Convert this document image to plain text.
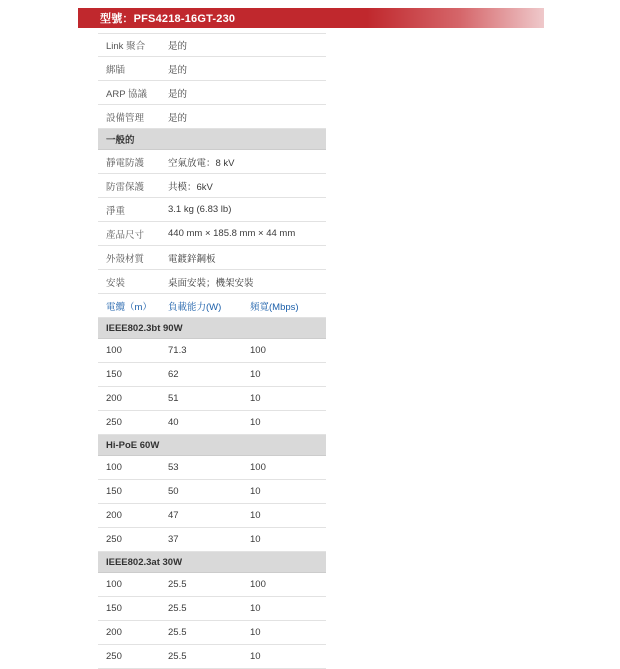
型號：PFS4218-16GT-230
Link 聚合	是的
綁牐	是的
ARP 協議	是的
設備管理	是的
一般的
靜電防護	空氣放電：8 kV
防雷保護	共模：6kV
淨重	3.1 kg (6.83 lb)
產品尺寸	440 mm × 185.8 mm × 44 mm
外殼材質	電鍍鋅鋼板
安裝	桌面安裝；機架安裝
電纜（m）	負載能力(W)	頻寬(Mbps)
IEEE802.3bt 90W
100	71.3	100
150	62	10
200	51	10
250	40	10
Hi-PoE 60W
100	53	100
150	50	10
200	47	10
250	37	10
IEEE802.3at 30W
100	25.5	100
150	25.5	10
200	25.5	10
250	25.5	10
